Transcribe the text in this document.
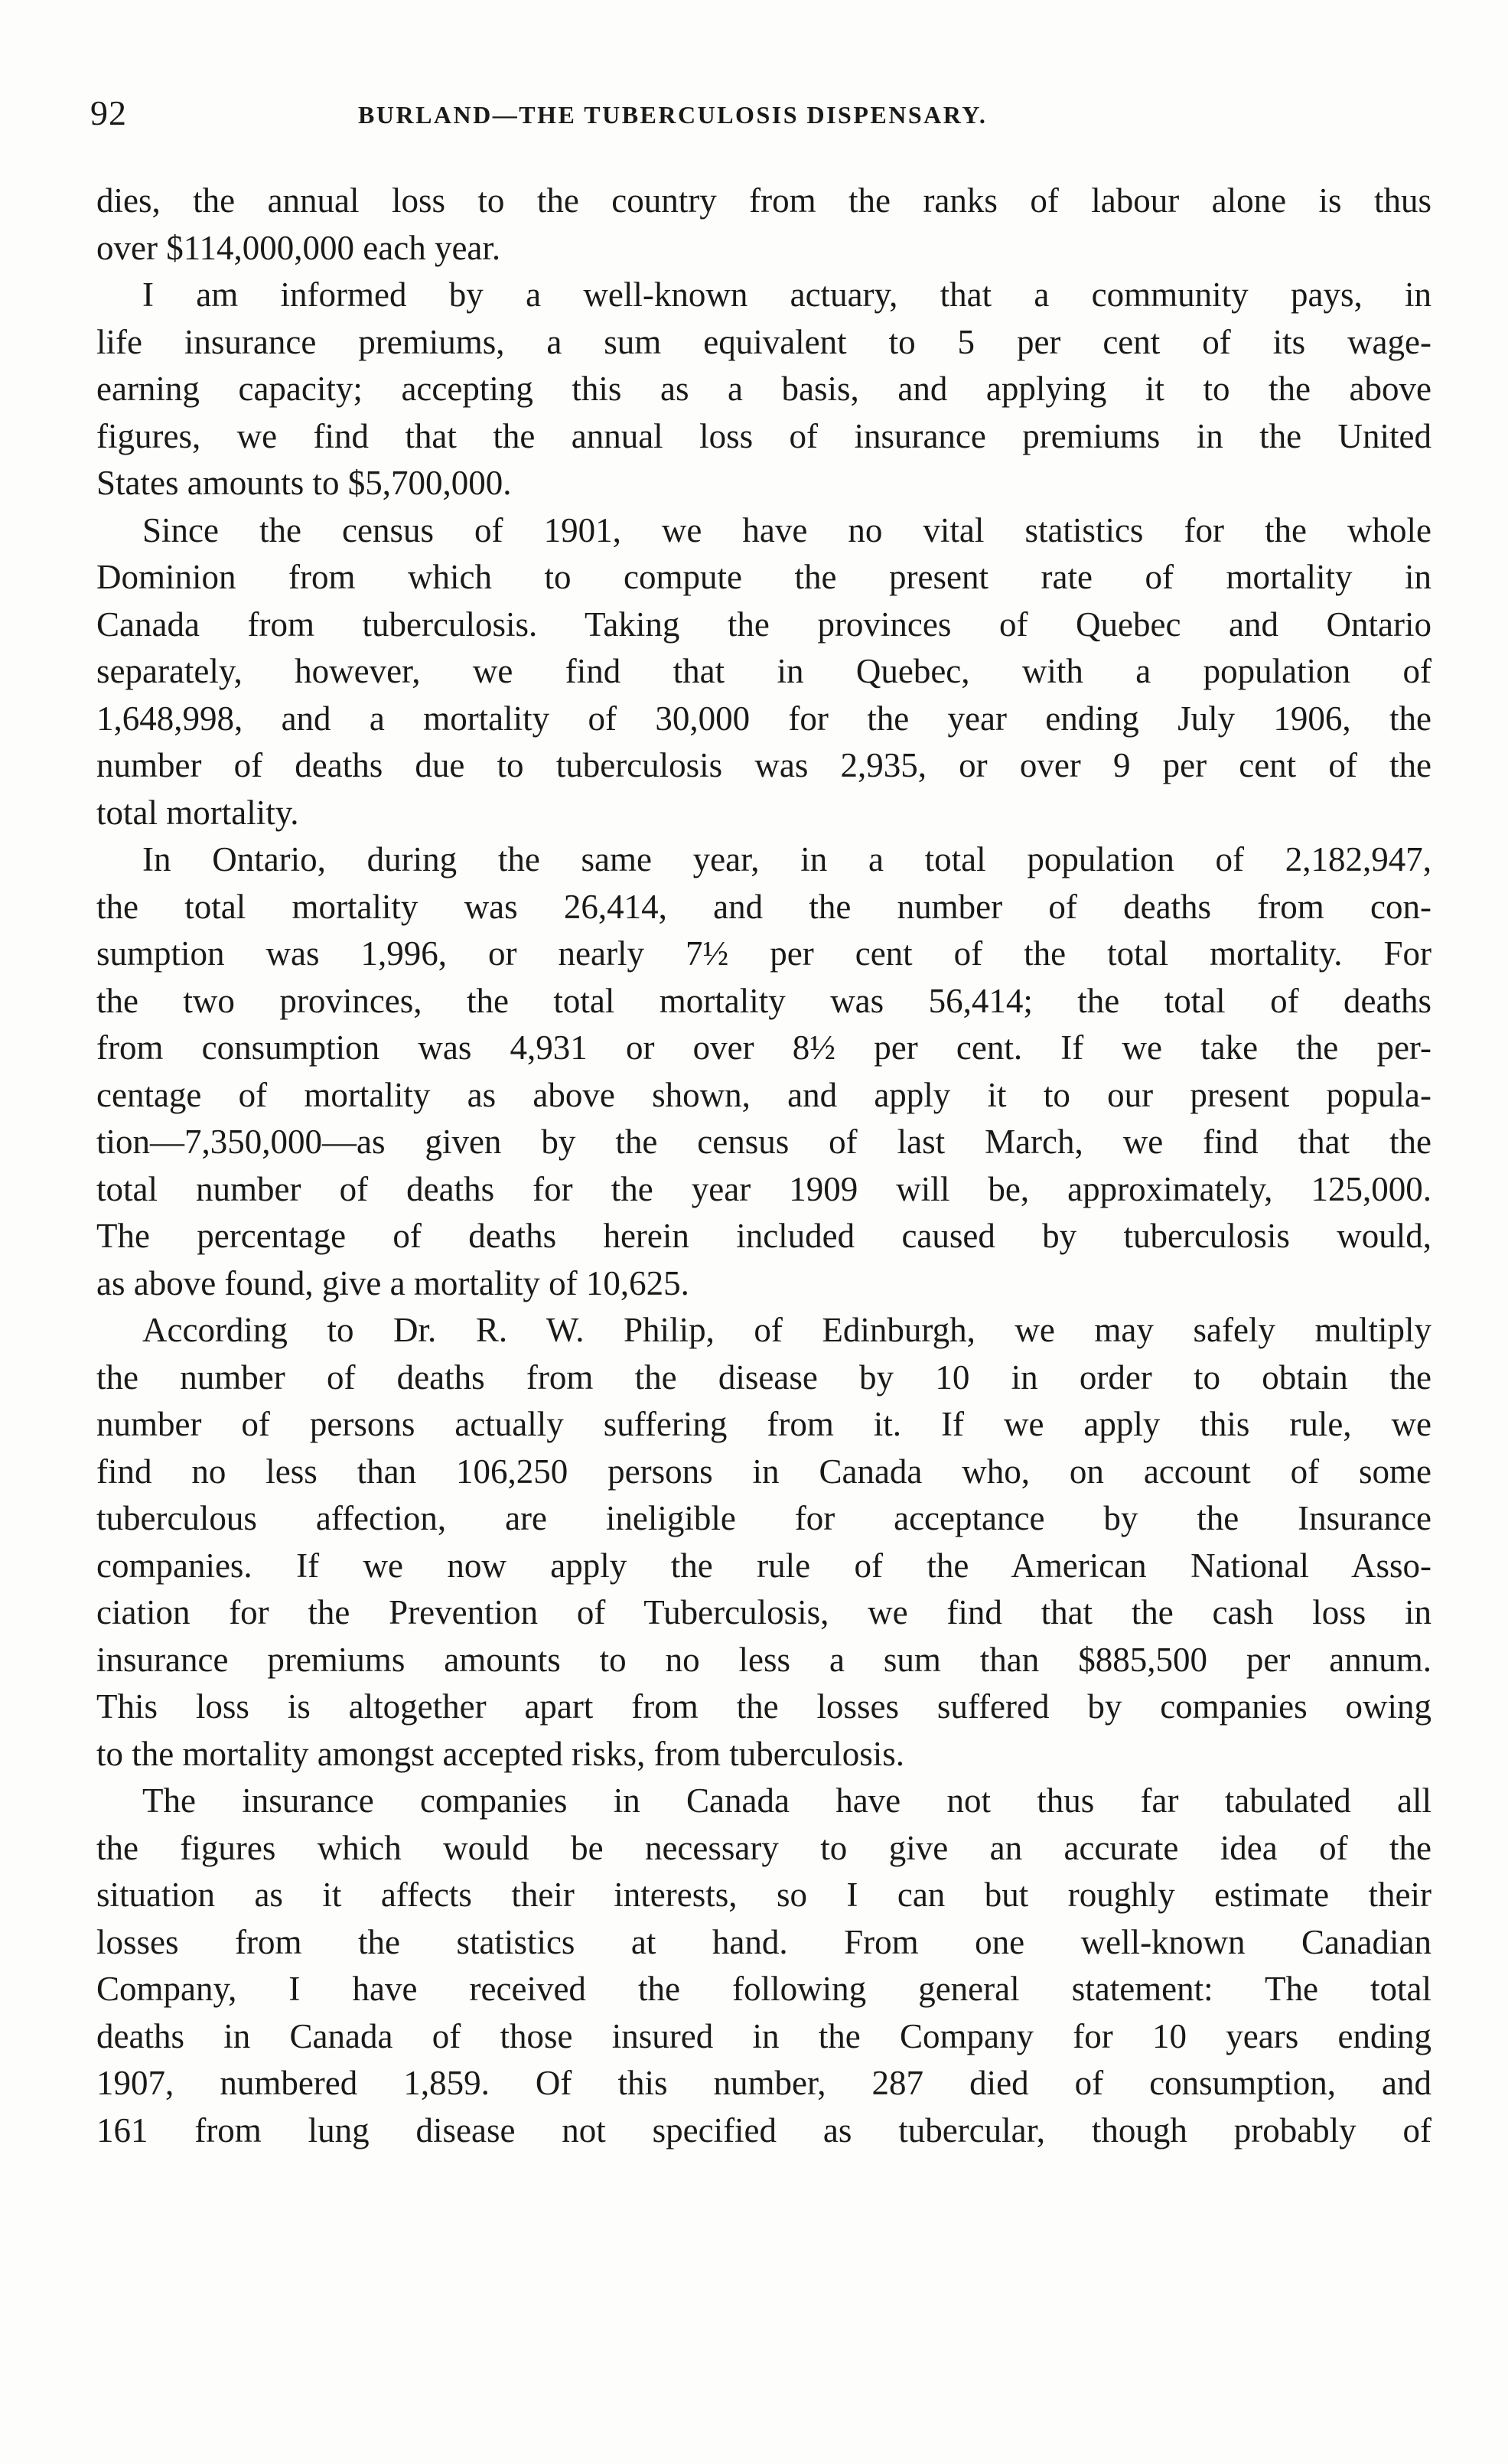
92	BURLAND—THE TUBERCULOSIS DISPENSARY.
dies, the annual loss to the country from the ranks of labour alone is thus
over $114,000,000 each year.
I am informed by a well-known actuary, that a community pays, in
life insurance premiums, a sum equivalent to 5 per cent of its wage-
earning capacity; accepting this as a basis, and applying it to the above
figures, we find that the annual loss of insurance premiums in the United
States amounts to $5,700,000.
Since the census of 1901, we have no vital statistics for the whole
Dominion from which to compute the present rate of mortality in
Canada from tuberculosis. Taking the provinces of Quebec and Ontario
separately, however, we find that in Quebec, with a population of
1,648,998, and a mortality of 30,000 for the year ending July 1906, the
number of deaths due to tuberculosis was 2,935, or over 9 per cent of the
total mortality.
In Ontario, during the same year, in a total population of 2,182,947,
the total mortality was 26,414, and the number of deaths from con-
sumption was 1,996, or nearly 7½ per cent of the total mortality. For
the two provinces, the total mortality was 56,414; the total of deaths
from consumption was 4,931 or over 8½ per cent. If we take the per-
centage of mortality as above shown, and apply it to our present popula-
tion—7,350,000—as given by the census of last March, we find that the
total number of deaths for the year 1909 will be, approximately, 125,000.
The percentage of deaths herein included caused by tuberculosis would,
as above found, give a mortality of 10,625.
According to Dr. R. W. Philip, of Edinburgh, we may safely multiply
the number of deaths from the disease by 10 in order to obtain the
number of persons actually suffering from it. If we apply this rule, we
find no less than 106,250 persons in Canada who, on account of some
tuberculous affection, are ineligible for acceptance by the Insurance
companies. If we now apply the rule of the American National Asso-
ciation for the Prevention of Tuberculosis, we find that the cash loss in
insurance premiums amounts to no less a sum than $885,500 per annum.
This loss is altogether apart from the losses suffered by companies owing
to the mortality amongst accepted risks, from tuberculosis.
The insurance companies in Canada have not thus far tabulated all
the figures which would be necessary to give an accurate idea of the
situation as it affects their interests, so I can but roughly estimate their
losses from the statistics at hand. From one well-known Canadian
Company, I have received the following general statement: The total
deaths in Canada of those insured in the Company for 10 years ending
1907, numbered 1,859. Of this number, 287 died of consumption, and
161 from lung disease not specified as tubercular, though probably of
